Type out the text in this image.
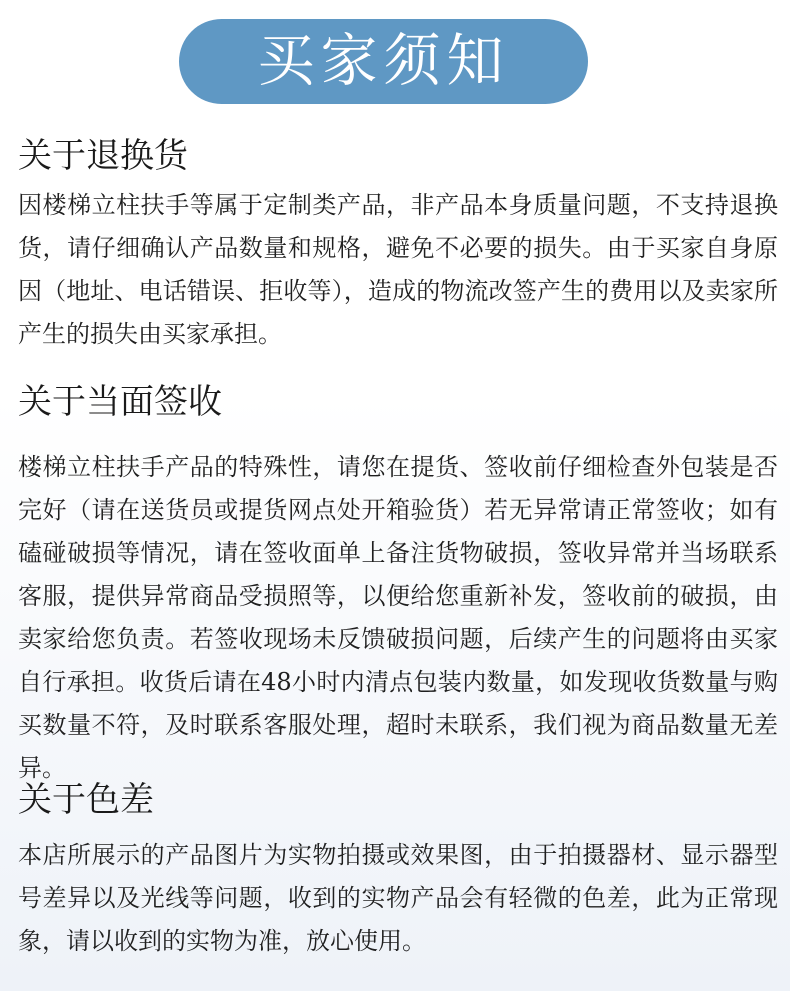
买家须知
关于退换货

因楼梯立柱扶手等属于定制类产品，非产品本身质量问题，不支持退换货，请仔细确认产品数量和规格，避免不必要的损失。由于买家自身原因（地址、电话错误、拒收等），造成的物流改签产生的费用以及卖家所产生的损失由买家承担。

关于当面签收

楼梯立柱扶手产品的特殊性，请您在提货、签收前仔细检查外包装是否完好（请在送货员或提货网点处开箱验货）若无异常请正常签收；如有磕碰破损等情况，请在签收面单上备注货物破损，签收异常并当场联系客服，提供异常商品受损照等，以便给您重新补发，签收前的破损，由卖家给您负责。若签收现场未反馈破损问题，后续产生的问题将由买家自行承担。收货后请在48小时内清点包装内数量，如发现收货数量与购买数量不符，及时联系客服处理，超时未联系，我们视为商品数量无差异。

关于色差

本店所展示的产品图片为实物拍摄或效果图，由于拍摄器材、显示器型号差异以及光线等问题，收到的实物产品会有轻微的色差，此为正常现象，请以收到的实物为准，放心使用。
